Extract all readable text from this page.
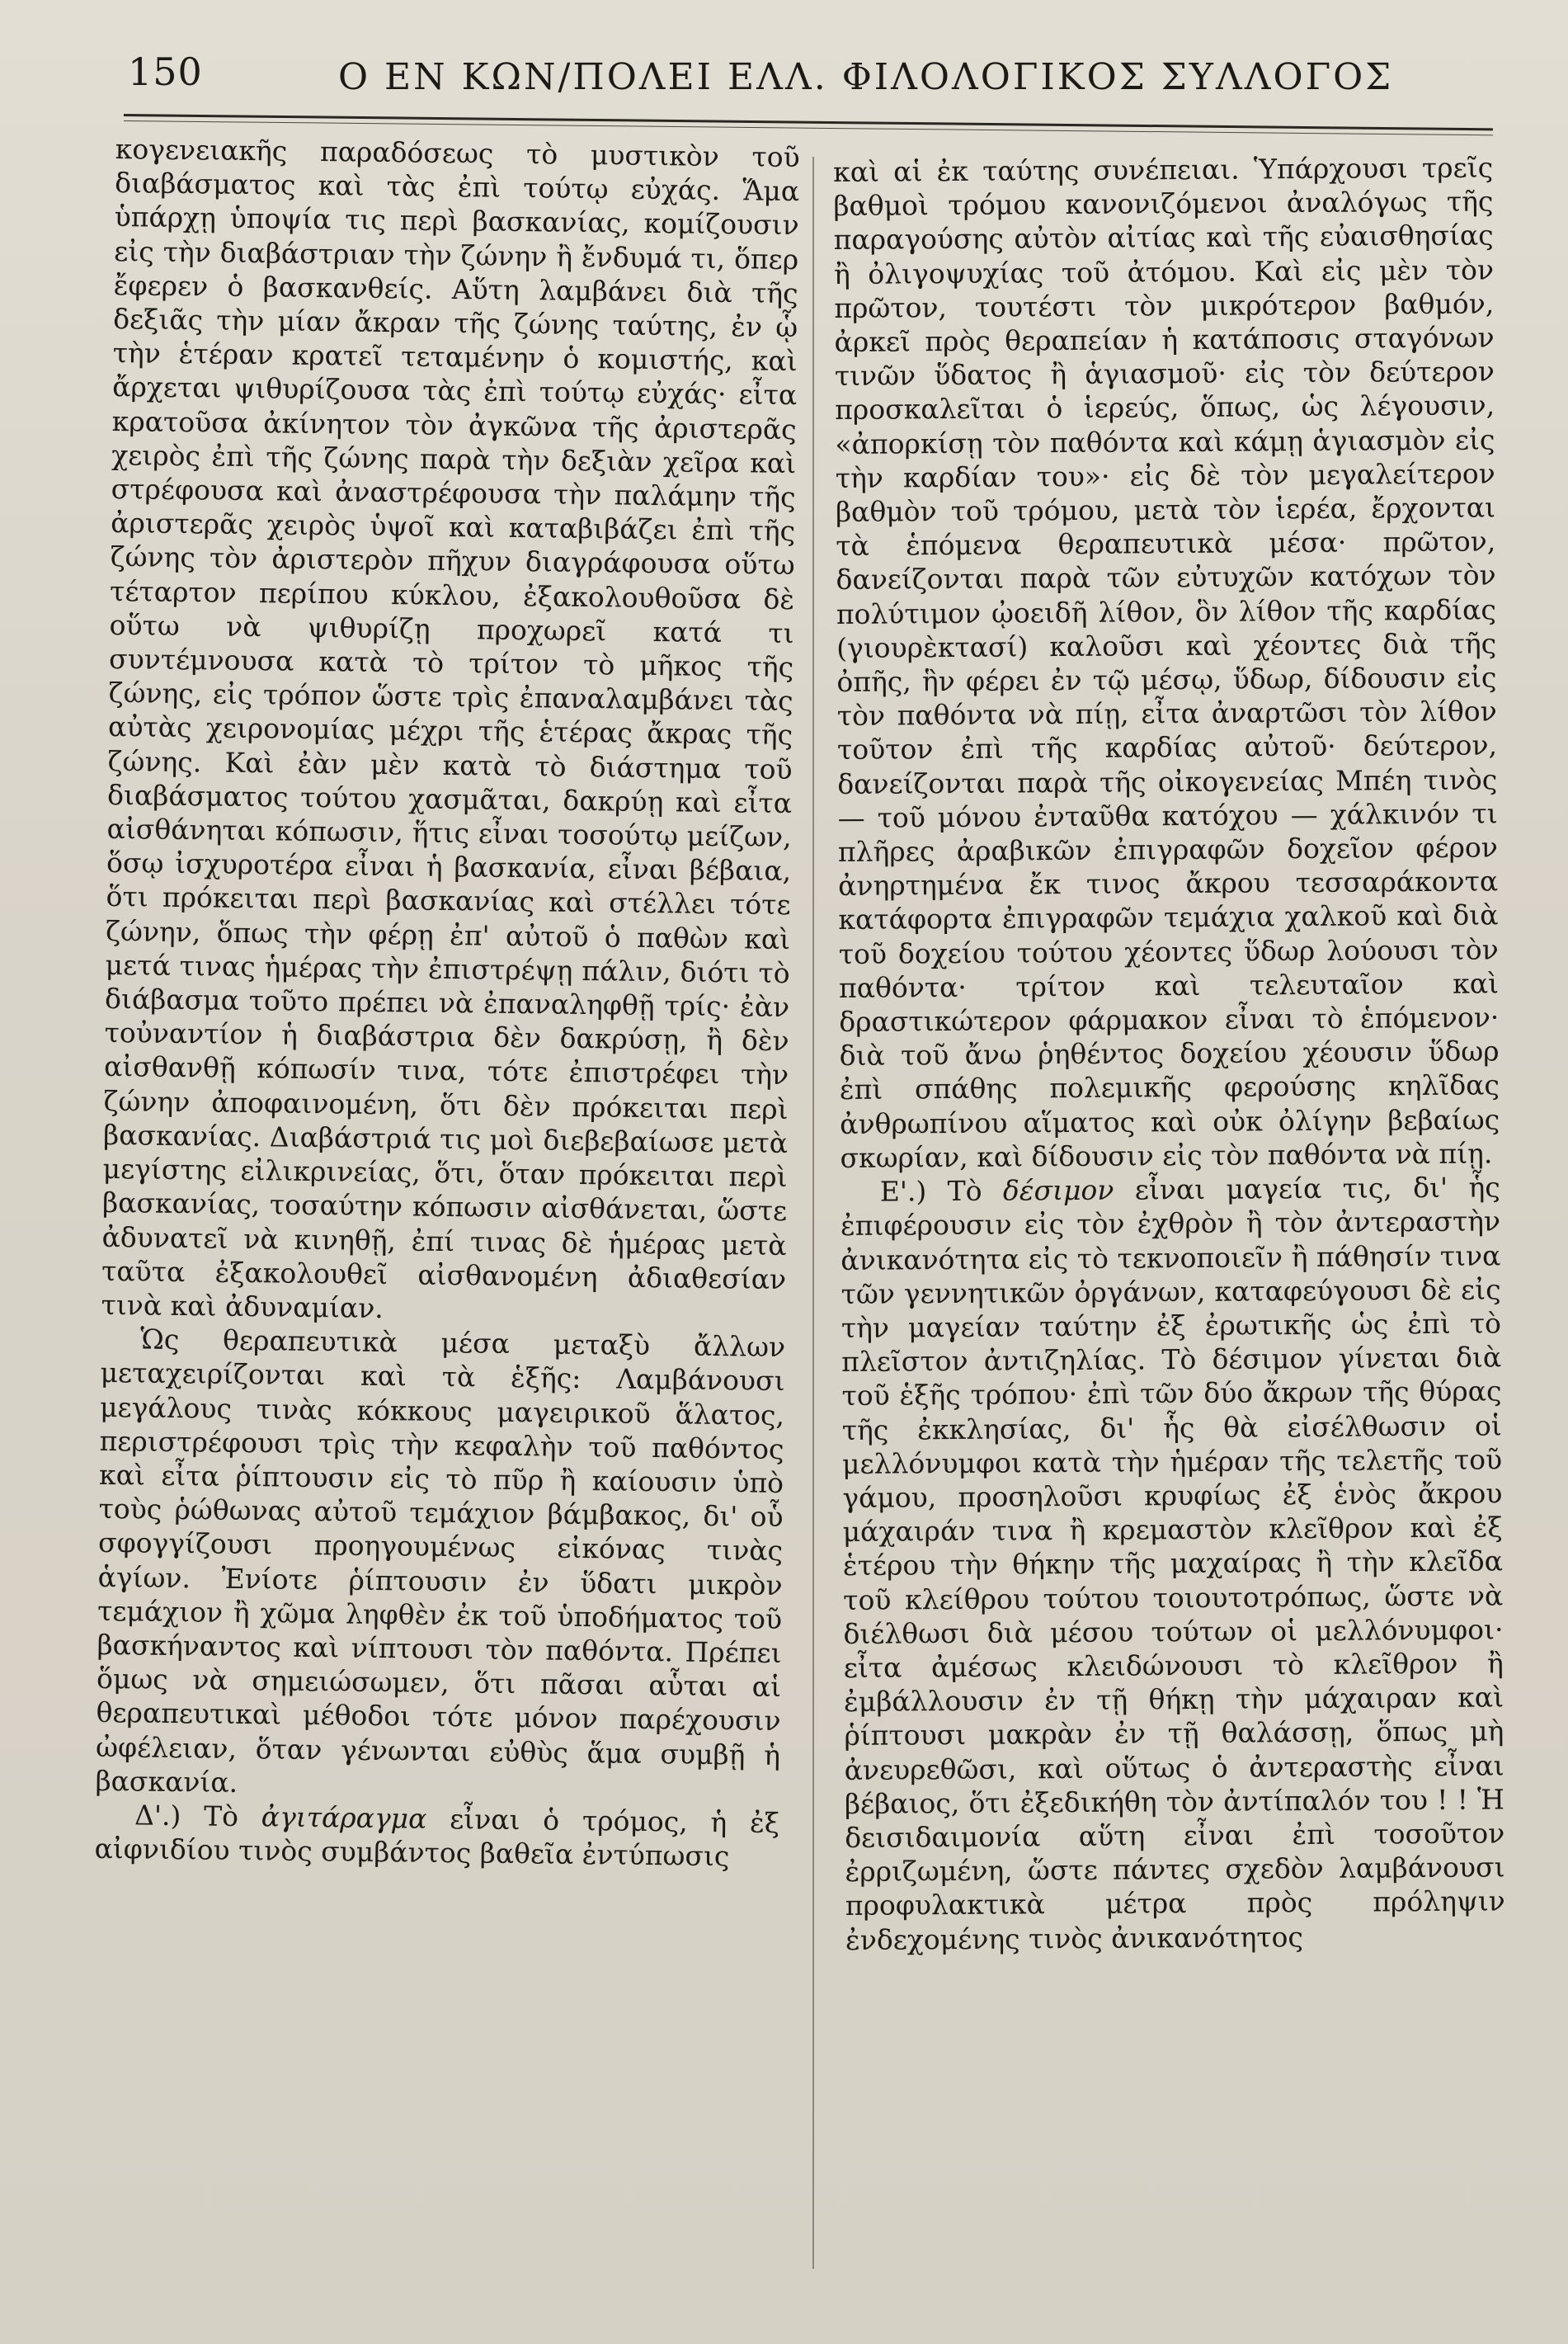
150	Ο ΕΝ ΚΩΝ/ΠΟΛΕΙ ΕΛΛ. ΦΙΛΟΛΟΓΙΚΟΣ ΣΥΛΛΟΓΟΣ

κογενειακῆς παραδόσεως τὸ μυστικὸν τοῦ διαβάσματος καὶ τὰς ἐπὶ τούτῳ εὐχάς. Ἅμα ὑπάρχῃ ὑποψία τις περὶ βασκανίας, κομίζουσιν εἰς τὴν διαβάστριαν τὴν ζώνην ἢ ἔνδυμά τι, ὅπερ ἔφερεν ὁ βασκανθείς. Αὕτη λαμβάνει διὰ τῆς δεξιᾶς τὴν μίαν ἄκραν τῆς ζώνης ταύτης, ἐν ᾧ τὴν ἑτέραν κρατεῖ τεταμένην ὁ κομιστής, καὶ ἄρχεται ψιθυρίζουσα τὰς ἐπὶ τούτῳ εὐχάς· εἶτα κρατοῦσα ἀκίνητον τὸν ἀγκῶνα τῆς ἀριστερᾶς χειρὸς ἐπὶ τῆς ζώνης παρὰ τὴν δεξιὰν χεῖρα καὶ στρέφουσα καὶ ἀναστρέφουσα τὴν παλάμην τῆς ἀριστερᾶς χειρὸς ὑψοῖ καὶ καταβιβάζει ἐπὶ τῆς ζώνης τὸν ἀριστερὸν πῆχυν διαγράφουσα οὕτω τέταρτον περίπου κύκλου, ἐξακολουθοῦσα δὲ οὕτω νὰ ψιθυρίζῃ προχωρεῖ κατά τι συντέμνουσα κατὰ τὸ τρίτον τὸ μῆκος τῆς ζώνης, εἰς τρόπον ὥστε τρὶς ἐπαναλαμβάνει τὰς αὐτὰς χειρονομίας μέχρι τῆς ἑτέρας ἄκρας τῆς ζώνης. Καὶ ἐὰν μὲν κατὰ τὸ διάστημα τοῦ διαβάσματος τούτου χασμᾶται, δακρύῃ καὶ εἶτα αἰσθάνηται κόπωσιν, ἥτις εἶναι τοσούτῳ μείζων, ὅσῳ ἰσχυροτέρα εἶναι ἡ βασκανία, εἶναι βέβαια, ὅτι πρόκειται περὶ βασκανίας καὶ στέλλει τότε ζώνην, ὅπως τὴν φέρῃ ἐπ' αὐτοῦ ὁ παθὼν καὶ μετά τινας ἡμέρας τὴν ἐπιστρέψῃ πάλιν, διότι τὸ διάβασμα τοῦτο πρέπει νὰ ἐπαναληφθῇ τρίς· ἐὰν τοὐναντίον ἡ διαβάστρια δὲν δακρύσῃ, ἢ δὲν αἰσθανθῇ κόπωσίν τινα, τότε ἐπιστρέφει τὴν ζώνην ἀποφαινομένη, ὅτι δὲν πρόκειται περὶ βασκανίας. Διαβάστριά τις μοὶ διεβεβαίωσε μετὰ μεγίστης εἰλικρινείας, ὅτι, ὅταν πρόκειται περὶ βασκανίας, τοσαύτην κόπωσιν αἰσθάνεται, ὥστε ἀδυνατεῖ νὰ κινηθῇ, ἐπί τινας δὲ ἡμέρας μετὰ ταῦτα ἐξακολουθεῖ αἰσθανομένη ἀδιαθεσίαν τινὰ καὶ ἀδυναμίαν.

Ὡς θεραπευτικὰ μέσα μεταξὺ ἄλλων μεταχειρίζονται καὶ τὰ ἑξῆς: Λαμβάνουσι μεγάλους τινὰς κόκκους μαγειρικοῦ ἅλατος, περιστρέφουσι τρὶς τὴν κεφαλὴν τοῦ παθόντος καὶ εἶτα ῥίπτουσιν εἰς τὸ πῦρ ἢ καίουσιν ὑπὸ τοὺς ῥώθωνας αὐτοῦ τεμάχιον βάμβακος, δι' οὗ σφογγίζουσι προηγουμένως εἰκόνας τινὰς ἁγίων. Ἐνίοτε ῥίπτουσιν ἐν ὕδατι μικρὸν τεμάχιον ἢ χῶμα ληφθὲν ἐκ τοῦ ὑποδήματος τοῦ βασκήναντος καὶ νίπτουσι τὸν παθόντα. Πρέπει ὅμως νὰ σημειώσωμεν, ὅτι πᾶσαι αὗται αἱ θεραπευτικαὶ μέθοδοι τότε μόνον παρέχουσιν ὠφέλειαν, ὅταν γένωνται εὐθὺς ἅμα συμβῇ ἡ βασκανία.

Δ'.) Τὸ ἀγιτάραγμα εἶναι ὁ τρόμος, ἡ ἐξ αἰφνιδίου τινὸς συμβάντος βαθεῖα ἐντύπωσις

καὶ αἱ ἐκ ταύτης συνέπειαι. Ὑπάρχουσι τρεῖς βαθμοὶ τρόμου κανονιζόμενοι ἀναλόγως τῆς παραγούσης αὐτὸν αἰτίας καὶ τῆς εὐαισθησίας ἢ ὀλιγοψυχίας τοῦ ἀτόμου. Καὶ εἰς μὲν τὸν πρῶτον, τουτέστι τὸν μικρότερον βαθμόν, ἀρκεῖ πρὸς θεραπείαν ἡ κατάποσις σταγόνων τινῶν ὕδατος ἢ ἁγιασμοῦ· εἰς τὸν δεύτερον προσκαλεῖται ὁ ἱερεύς, ὅπως, ὡς λέγουσιν, «ἀπορκίσῃ τὸν παθόντα καὶ κάμῃ ἁγιασμὸν εἰς τὴν καρδίαν του»· εἰς δὲ τὸν μεγαλείτερον βαθμὸν τοῦ τρόμου, μετὰ τὸν ἱερέα, ἔρχονται τὰ ἑπόμενα θεραπευτικὰ μέσα· πρῶτον, δανείζονται παρὰ τῶν εὐτυχῶν κατόχων τὸν πολύτιμον ᾠοειδῆ λίθον, ὃν λίθον τῆς καρδίας (γιουρὲκτασί) καλοῦσι καὶ χέοντες διὰ τῆς ὀπῆς, ἣν φέρει ἐν τῷ μέσῳ, ὕδωρ, δίδουσιν εἰς τὸν παθόντα νὰ πίῃ, εἶτα ἀναρτῶσι τὸν λίθον τοῦτον ἐπὶ τῆς καρδίας αὐτοῦ· δεύτερον, δανείζονται παρὰ τῆς οἰκογενείας Μπέη τινὸς — τοῦ μόνου ἐνταῦθα κατόχου — χάλκινόν τι πλῆρες ἀραβικῶν ἐπιγραφῶν δοχεῖον φέρον ἀνηρτημένα ἔκ τινος ἄκρου τεσσαράκοντα κατάφορτα ἐπιγραφῶν τεμάχια χαλκοῦ καὶ διὰ τοῦ δοχείου τούτου χέοντες ὕδωρ λούουσι τὸν παθόντα· τρίτον καὶ τελευταῖον καὶ δραστικώτερον φάρμακον εἶναι τὸ ἑπόμενον· διὰ τοῦ ἄνω ῥηθέντος δοχείου χέουσιν ὕδωρ ἐπὶ σπάθης πολεμικῆς φερούσης κηλῖδας ἀνθρωπίνου αἵματος καὶ οὐκ ὀλίγην βεβαίως σκωρίαν, καὶ δίδουσιν εἰς τὸν παθόντα νὰ πίῃ.

Ε'.) Τὸ δέσιμον εἶναι μαγεία τις, δι' ἧς ἐπιφέρουσιν εἰς τὸν ἐχθρὸν ἢ τὸν ἀντεραστὴν ἀνικανότητα εἰς τὸ τεκνοποιεῖν ἢ πάθησίν τινα τῶν γεννητικῶν ὀργάνων, καταφεύγουσι δὲ εἰς τὴν μαγείαν ταύτην ἐξ ἐρωτικῆς ὡς ἐπὶ τὸ πλεῖστον ἀντιζηλίας. Τὸ δέσιμον γίνεται διὰ τοῦ ἑξῆς τρόπου· ἐπὶ τῶν δύο ἄκρων τῆς θύρας τῆς ἐκκλησίας, δι' ἧς θὰ εἰσέλθωσιν οἱ μελλόνυμφοι κατὰ τὴν ἡμέραν τῆς τελετῆς τοῦ γάμου, προσηλοῦσι κρυφίως ἐξ ἑνὸς ἄκρου μάχαιράν τινα ἢ κρεμαστὸν κλεῖθρον καὶ ἐξ ἑτέρου τὴν θήκην τῆς μαχαίρας ἢ τὴν κλεῖδα τοῦ κλείθρου τούτου τοιουτοτρόπως, ὥστε νὰ διέλθωσι διὰ μέσου τούτων οἱ μελλόνυμφοι· εἶτα ἀμέσως κλειδώνουσι τὸ κλεῖθρον ἢ ἐμβάλλουσιν ἐν τῇ θήκῃ τὴν μάχαιραν καὶ ῥίπτουσι μακρὰν ἐν τῇ θαλάσσῃ, ὅπως μὴ ἀνευρεθῶσι, καὶ οὕτως ὁ ἀντεραστὴς εἶναι βέβαιος, ὅτι ἐξεδικήθη τὸν ἀντίπαλόν του ! ! Ἡ δεισιδαιμονία αὕτη εἶναι ἐπὶ τοσοῦτον ἐρριζωμένη, ὥστε πάντες σχεδὸν λαμβάνουσι προφυλακτικὰ μέτρα πρὸς πρόληψιν ἐνδεχομένης τινὸς ἀνικανότητος
